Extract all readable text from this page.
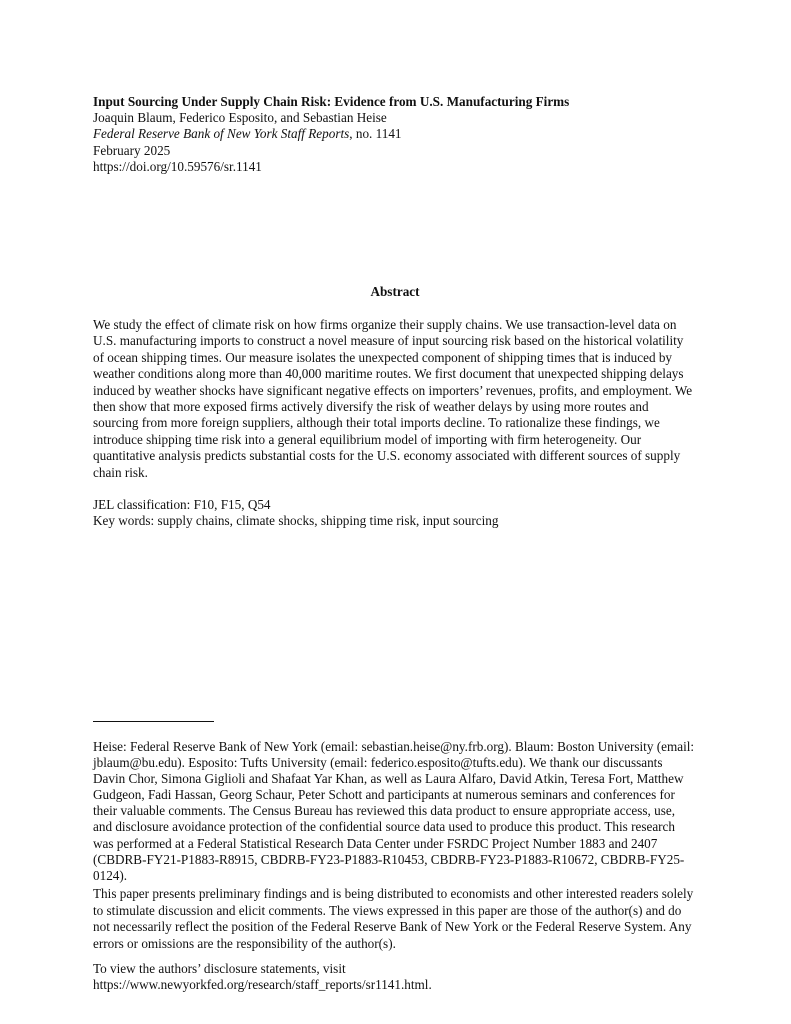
Input Sourcing Under Supply Chain Risk: Evidence from U.S. Manufacturing Firms
Joaquin Blaum, Federico Esposito, and Sebastian Heise
Federal Reserve Bank of New York Staff Reports, no. 1141
February 2025
https://doi.org/10.59576/sr.1141
Abstract
We study the effect of climate risk on how firms organize their supply chains. We use transaction-level data on U.S. manufacturing imports to construct a novel measure of input sourcing risk based on the historical volatility of ocean shipping times. Our measure isolates the unexpected component of shipping times that is induced by weather conditions along more than 40,000 maritime routes. We first document that unexpected shipping delays induced by weather shocks have significant negative effects on importers’ revenues, profits, and employment. We then show that more exposed firms actively diversify the risk of weather delays by using more routes and sourcing from more foreign suppliers, although their total imports decline. To rationalize these findings, we introduce shipping time risk into a general equilibrium model of importing with firm heterogeneity. Our quantitative analysis predicts substantial costs for the U.S. economy associated with different sources of supply chain risk.
JEL classification: F10, F15, Q54
Key words: supply chains, climate shocks, shipping time risk, input sourcing
Heise: Federal Reserve Bank of New York (email: sebastian.heise@ny.frb.org). Blaum: Boston University (email: jblaum@bu.edu). Esposito: Tufts University (email: federico.esposito@tufts.edu). We thank our discussants Davin Chor, Simona Giglioli and Shafaat Yar Khan, as well as Laura Alfaro, David Atkin, Teresa Fort, Matthew Gudgeon, Fadi Hassan, Georg Schaur, Peter Schott and participants at numerous seminars and conferences for their valuable comments. The Census Bureau has reviewed this data product to ensure appropriate access, use, and disclosure avoidance protection of the confidential source data used to produce this product. This research was performed at a Federal Statistical Research Data Center under FSRDC Project Number 1883 and 2407 (CBDRB-FY21-P1883-R8915, CBDRB-FY23-P1883-R10453, CBDRB-FY23-P1883-R10672, CBDRB-FY25-0124).
This paper presents preliminary findings and is being distributed to economists and other interested readers solely to stimulate discussion and elicit comments. The views expressed in this paper are those of the author(s) and do not necessarily reflect the position of the Federal Reserve Bank of New York or the Federal Reserve System. Any errors or omissions are the responsibility of the author(s).
To view the authors’ disclosure statements, visit
https://www.newyorkfed.org/research/staff_reports/sr1141.html.
